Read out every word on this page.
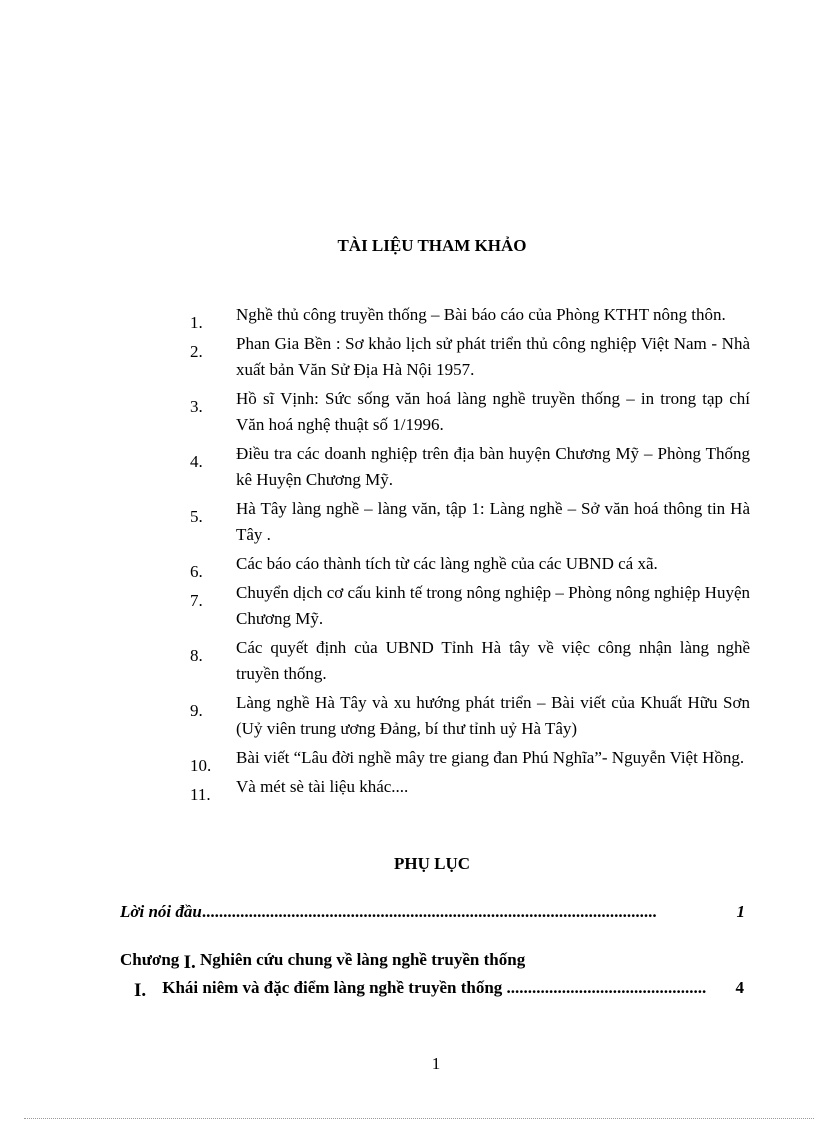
TÀI LIỆU THAM KHẢO
1. Nghề thủ công truyền thống – Bài báo cáo của Phòng KTHT nông thôn.
2. Phan Gia Bền : Sơ khảo lịch sử phát triển thủ công nghiệp Việt Nam - Nhà xuất bản Văn Sử Địa Hà Nội 1957.
3. Hồ sĩ Vịnh: Sức sống văn hoá làng nghề truyền thống – in trong tạp chí Văn hoá nghệ thuật số 1/1996.
4. Điều tra các doanh nghiệp trên địa bàn huyện Chương Mỹ – Phòng Thống kê Huyện Chương Mỹ.
5. Hà Tây làng nghề – làng văn, tập 1: Làng nghề – Sở văn hoá thông tin Hà Tây .
6. Các báo cáo thành tích từ các làng nghề của các UBND cá xã.
7. Chuyển dịch cơ cấu kinh tế trong nông nghiệp – Phòng nông nghiệp Huyện Chương Mỹ.
8. Các quyết định của UBND Tỉnh Hà tây về việc công nhận làng nghề truyền thống.
9. Làng nghề Hà Tây và xu hướng phát triển – Bài viết của Khuất Hữu Sơn (Uỷ viên trung ương Đảng, bí thư tỉnh uỷ Hà Tây)
10. Bài viết “Lâu đời nghề mây tre giang đan Phú Nghĩa”- Nguyễn Việt Hồng.
11. Và mét sè tài liệu khác....
PHỤ LỤC
Lời nói đầu...........................................................................................................	1
Chương I. Nghiên cứu chung về làng nghề truyền thống
I. Khái niêm và đặc điểm làng nghề truyền thống ............................................... 4
1
